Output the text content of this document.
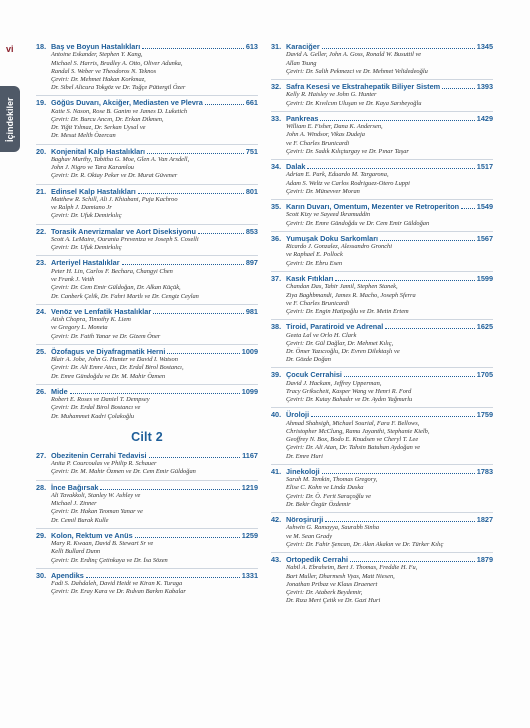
vi
İçindekiler
18. Baş ve Boyun Hastalıkları	613
Antoine Eskander, Stephen Y. Kang,
Michael S. Harris, Bradley A. Otto, Oliver Adunka,
Randal S. Weber ve Theodoros N. Teknos
Çeviri: Dr. Mehmet Hakan Korkmaz,
Dr. Sibel Alicura Tokgöz ve Dr. Tuğçe Püttergil Özer
19. Göğüs Duvarı, Akciğer, Mediasten ve Plevra	661
Katie S. Nason, Rose B. Ganim ve James D. Luketich
Çeviri: Dr. Burcu Ancın, Dr. Erkan Dikmen,
Dr. Yiğit Yılmaz, Dr. Serkan Uysal ve
Dr. Mesut Melih Özercan
20. Konjenital Kalp Hastalıkları	751
Baghav Murthy, Tabitha G. Moe, Glen A. Van Arsdell,
John J. Nigro ve Tara Karamlou
Çeviri: Dr. R. Oktay Peker ve Dr. Murat Güvener
21. Edinsel Kalp Hastalıkları	801
Matthew R. Schill, Ali J. Khiabani, Puja Kachroo
ve Ralph J. Damiano Jr
Çeviri: Dr. Ufuk Demirkılıç
22. Torasik Anevrizmalar ve Aort Diseksiyonu	853
Scott A. LeMaire, Ourania Preventza ve Joseph S. Coselli
Çeviri: Dr. Ufuk Demirkılıç
23. Arteriyel Hastalıklar	897
Peter H. Lin, Carlos F. Bechara, Changyi Chen
ve Frank J. Veith
Çeviri: Dr. Cem Emir Güldoğan, Dr. Alkan Küçük,
Dr. Canberk Çelik, Dr. Fahri Martlı ve Dr. Cengiz Ceylan
24. Venöz ve Lenfatik Hastalıklar	981
Atish Chopra, Timothy K. Liem
ve Gregory L. Moneta
Çeviri: Dr. Fatih Yanar ve Dr. Gizem Öner
25. Özofagus ve Diyafragmatik Herni	1009
Blair A. Jobe, John G. Hunter ve David I. Watson
Çeviri: Dr. Ali Emre Atıcı, Dr. Erdal Birol Bostancı,
Dr. Emre Gündoğdu ve Dr. M. Mahir Özmen
26. Mide	1099
Robert E. Roses ve Daniel T. Dempsey
Çeviri: Dr. Erdal Birol Bostancı ve
Dr. Muhammet Kadri Çolakoğlu
Cilt 2
27. Obezitenin Cerrahi Tedavisi	1167
Anita P. Courcoulas ve Philip R. Schauer
Çeviri: Dr. M. Mahir Özmen ve Dr. Cem Emir Güldoğan
28. İnce Bağırsak	1219
Ali Tavakkoli, Stanley W. Ashley ve
Michael J. Zinner
Çeviri: Dr. Hakan Teoman Yanar ve
Dr. Cemil Burak Kulle
29. Kolon, Rektum ve Anüs	1259
Mary R. Kwaan, David B. Stewart Sr ve
Kelli Bullard Dunn
Çeviri: Dr. Erdinç Çetinkaya ve Dr. İsa Sözen
30. Apendiks	1331
Fadi S. Dahdaleh, David Heidt ve Kiran K. Turaga
Çeviri: Dr. Eray Kara ve Dr. Rıdvan Barkın Kabalar
31. Karaciğer	1345
David A. Geller, John A. Goss, Ronald W. Busuttil ve
Allan Tsung
Çeviri: Dr. Salih Pekmezci ve Dr. Mehmet Velidedeoğlu
32. Safra Kesesi ve Ekstrahepatik Biliyer Sistem	1393
Kelly R. Haisley ve John G. Hunter
Çeviri: Dr. Kıvılcım Uluşan ve Dr. Kaya Sarıbeyoğlu
33. Pankreas	1429
William E. Fisher, Dana K. Andersen,
John A. Windsor, Vikas Dudeja
ve F. Charles Brunicardi
Çeviri: Dr. Sadık Kılıçturgay ve Dr. Pınar Taşar
34. Dalak	1517
Adrian E. Park, Eduardo M. Targarona,
Adam S. Weltz ve Carlos Rodriguez-Otero Luppi
Çeviri: Dr. Münevver Moran
35. Karın Duvarı, Omentum, Mezenter ve Retroperiton 1549
Scott Kizy ve Sayeed Ikramuddin
Çeviri: Dr. Emre Gündoğdu ve Dr. Cem Emir Güldoğan
36. Yumuşak Doku Sarkomları	1567
Ricardo J. Gonzalez, Alessandro Gronchi
ve Raphael E. Pollock
Çeviri: Dr. Ebru Esen
37. Kasık Fıtıkları	1599
Chandan Das, Tahir Jamil, Stephen Stanek,
Ziya Baghbmandi, James R. Macho, Joseph Sferra
ve F. Charles Brunicardi
Çeviri: Dr. Engin Hatipoğlu ve Dr. Metin Ertem
38. Tiroid, Paratiroid ve Adrenal	1625
Geeta Lal ve Orlo H. Clark
Çeviri: Dr. Gül Dağlar, Dr. Mehmet Kılıç,
Dr. Ömer Yazıcıoğlu, Dr. Evren Dilektaşlı ve
Dr. Gözde Doğan
39. Çocuk Cerrahisi	1705
David J. Hackam, Jeffrey Upperman,
Tracy Grikscheit, Kasper Wang ve Henri R. Ford
Çeviri: Dr. Kutay Bahadır ve Dr. Aydın Yağmurlu
40. Üroloji	1759
Ahmad Shabsigh, Michael Sourial, Fara F. Bellows,
Christopher McClung, Ramu Jayanthi, Stephanie Kielb,
Geoffrey N. Box, Bodo E. Knudsen ve Cheryl T. Lee
Çeviri: Dr. Ali Atan, Dr. Tahsin Batuhan Aydoğan ve
Dr. Emre Huri
41. Jinekoloji	1783
Sarah M. Temkin, Thomas Gregory,
Elise C. Kohn ve Linda Duska
Çeviri: Dr. Ö. Ferit Saraçoğlu ve
Dr. Bekir Özgür Özdemir
42. Nöroşirurji	1827
Ashwin G. Ramayya, Saurabh Sinha
ve M. Sean Grady
Çeviri: Dr. Fahir Şencan, Dr. Akın Akakın ve Dr. Türker Kılıç
43. Ortopedik Cerrahi	1879
Nabil A. Ebraheim, Bert J. Thomas, Freddie H. Fu,
Bart Muller, Dharmesh Vyas, Matt Niesen,
Jonathan Pribaz ve Klaus Draenert
Çeviri: Dr. Ataberk Beydemir,
Dr. Rıza Mert Çetik ve Dr. Gazi Huri
